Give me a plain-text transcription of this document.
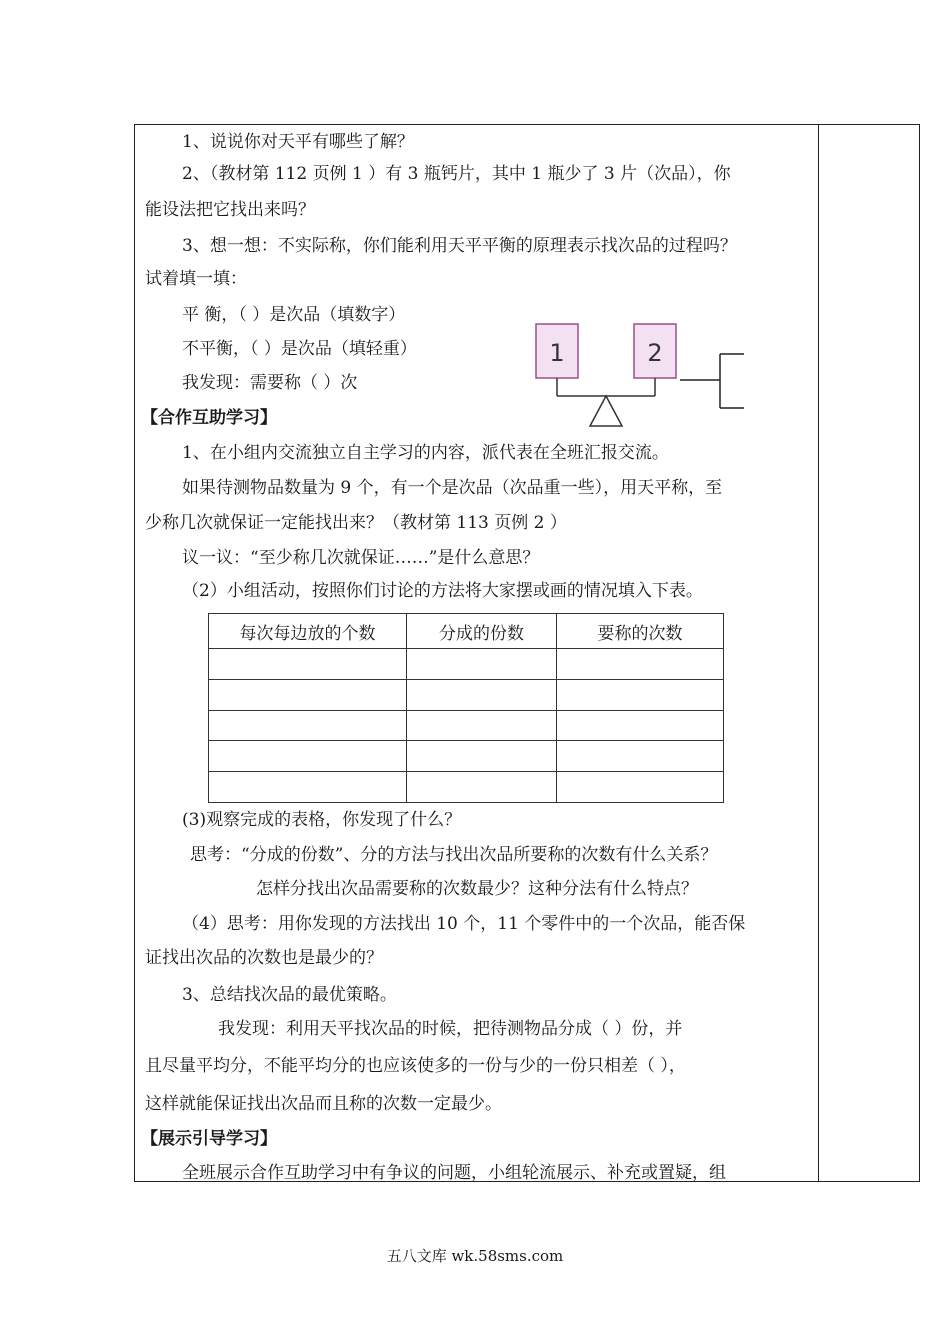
1、说说你对天平有哪些了解？
2、（教材第 112 页例 1 ）有 3 瓶钙片，其中 1 瓶少了 3 片（次品），你
能设法把它找出来吗？
3、想一想：不实际称，你们能利用天平平衡的原理表示找次品的过程吗？
试着填一填：
平 衡，（ ）是次品（填数字）
不平衡，（ ）是次品（填轻重）
我发现：需要称（ ）次
1	2
【合作互助学习】
1、在小组内交流独立自主学习的内容，派代表在全班汇报交流。
如果待测物品数量为 9 个，有一个是次品（次品重一些），用天平称，至
少称几次就保证一定能找出来？（教材第 113 页例 2 ）
议一议：“至少称几次就保证……”是什么意思？
（2）小组活动，按照你们讨论的方法将大家摆或画的情况填入下表。
每次每边放的个数	分成的份数	要称的次数

(3)观察完成的表格，你发现了什么？
思考：“分成的份数”、分的方法与找出次品所要称的次数有什么关系？
怎样分找出次品需要称的次数最少？这种分法有什么特点？
（4）思考：用你发现的方法找出 10 个，11 个零件中的一个次品，能否保
证找出次品的次数也是最少的？
3、总结找次品的最优策略。
我发现：利用天平找次品的时候，把待测物品分成（ ）份，并
且尽量平均分，不能平均分的也应该使多的一份与少的一份只相差（ ），
这样就能保证找出次品而且称的次数一定最少。
【展示引导学习】
全班展示合作互助学习中有争议的问题，小组轮流展示、补充或置疑，组
五八文库 wk.58sms.com
